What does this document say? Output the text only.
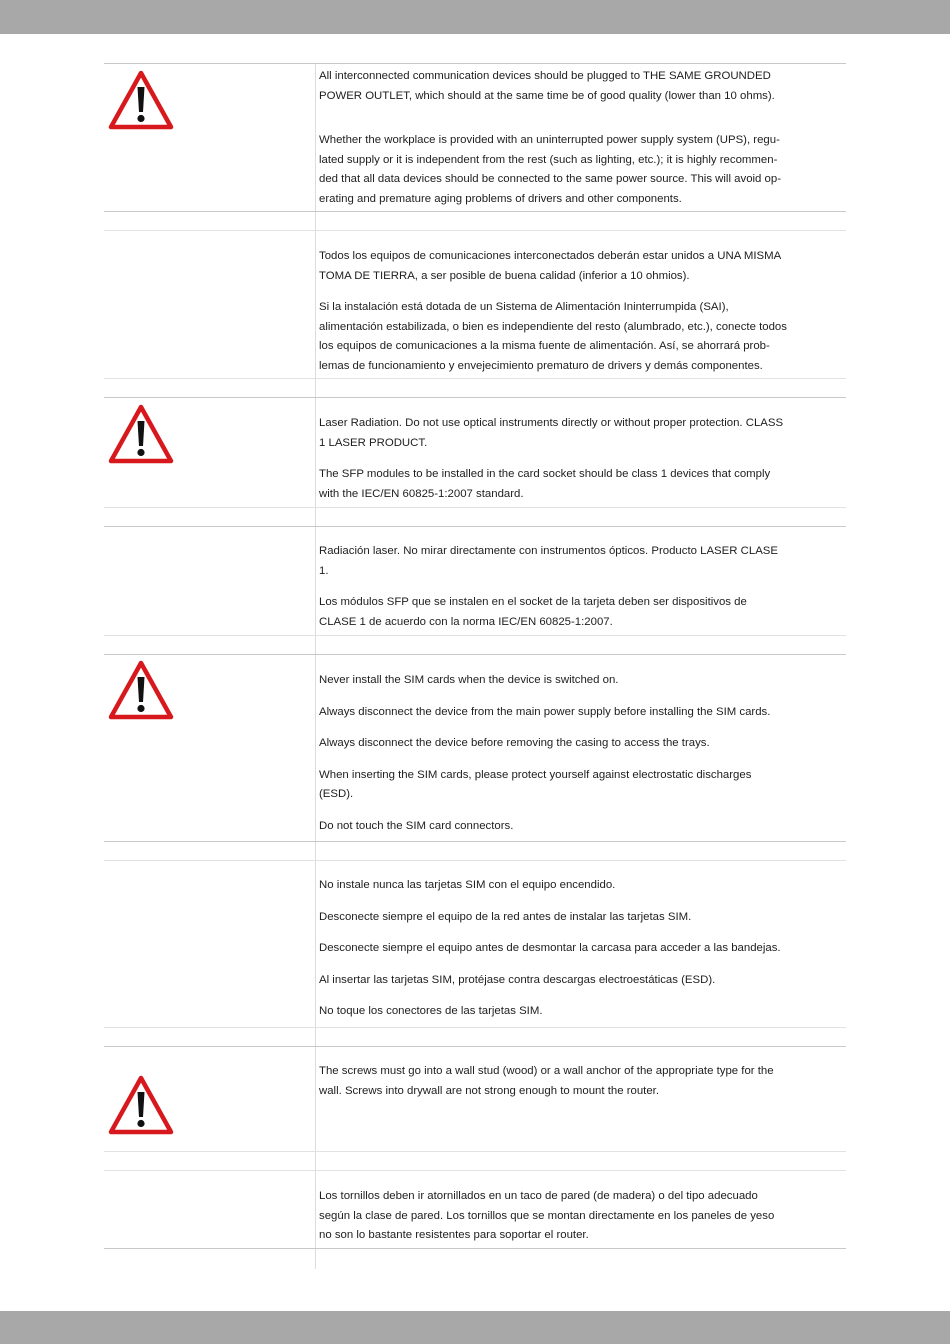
All interconnected communication devices should be plugged to THE SAME GROUNDED

POWER OUTLET, which should at the same time be of good quality (lower than 10 ohms).

Whether the workplace is provided with an uninterrupted power supply system (UPS), regu-

lated supply or it is independent from the rest (such as lighting, etc.); it is highly recommen-

ded that all data devices should be connected to the same power source. This will avoid op-

erating and premature aging problems of drivers and other components.

Todos los equipos de comunicaciones interconectados deberán estar unidos a UNA MISMA

TOMA DE TIERRA, a ser posible de buena calidad (inferior a 10 ohmios).

Si la instalación está dotada de un Sistema de Alimentación Ininterrumpida (SAI),

alimentación estabilizada, o bien es independiente del resto (alumbrado, etc.), conecte todos

los equipos de comunicaciones a la misma fuente de alimentación. Así, se ahorrará prob-

lemas de funcionamiento y envejecimiento prematuro de drivers y demás componentes.

Laser Radiation. Do not use optical instruments directly or without proper protection. CLASS

1 LASER PRODUCT.

The SFP modules to be installed in the card socket should be class 1 devices that comply

with the IEC/EN 60825-1:2007 standard.

Radiación laser. No mirar directamente con instrumentos ópticos. Producto LASER CLASE

1.

Los módulos SFP que se instalen en el socket de la tarjeta deben ser dispositivos de

CLASE 1 de acuerdo con la norma IEC/EN 60825-1:2007.

Never install the SIM cards when the device is switched on.

Always disconnect the device from the main power supply before installing the SIM cards.

Always disconnect the device before removing the casing to access the trays.

When inserting the SIM cards, please protect yourself against electrostatic discharges

(ESD).

Do not touch the SIM card connectors.

No instale nunca las tarjetas SIM con el equipo encendido.

Desconecte siempre el equipo de la red antes de instalar las tarjetas SIM.

Desconecte siempre el equipo antes de desmontar la carcasa para acceder a las bandejas.

Al insertar las tarjetas SIM, protéjase contra descargas electroestáticas (ESD).

No toque los conectores de las tarjetas SIM.

The screws must go into a wall stud (wood) or a wall anchor of the appropriate type for the

wall. Screws into drywall are not strong enough to mount the router.

Los tornillos deben ir atornillados en un taco de pared (de madera) o del tipo adecuado

según la clase de pared. Los tornillos que se montan directamente en los paneles de yeso

no son lo bastante resistentes para soportar el router.
